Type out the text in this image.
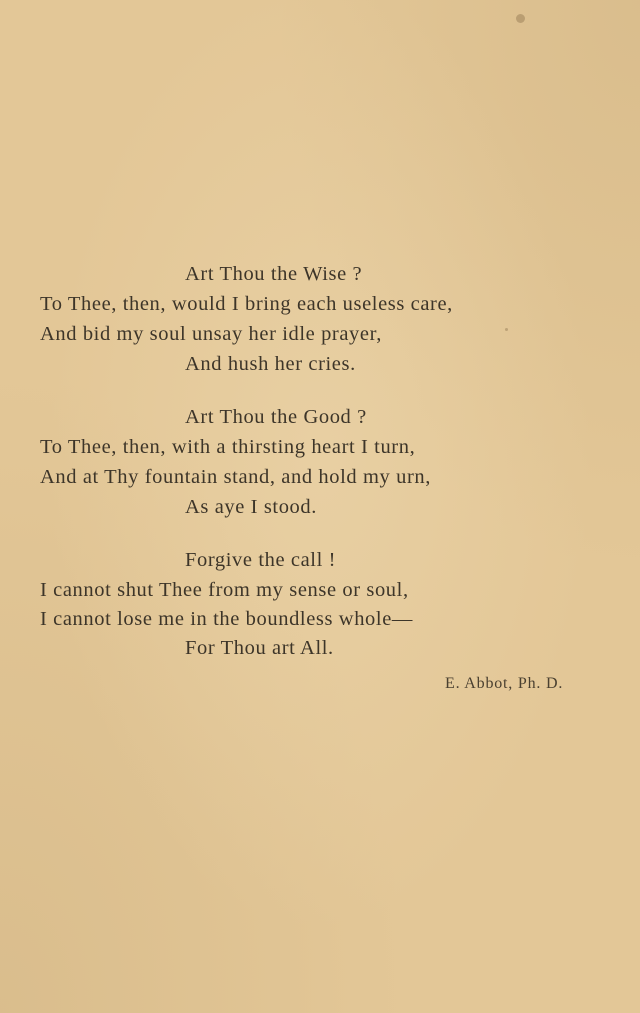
Art Thou the Wise ?
To Thee, then, would I bring each useless care,
And bid my soul unsay her idle prayer,
And hush her cries.
Art Thou the Good ?
To Thee, then, with a thirsting heart I turn,
And at Thy fountain stand, and hold my urn,
As aye I stood.
Forgive the call !
I cannot shut Thee from my sense or soul,
I cannot lose me in the boundless whole—
For Thou art All.
E. Abbot, Ph. D.
